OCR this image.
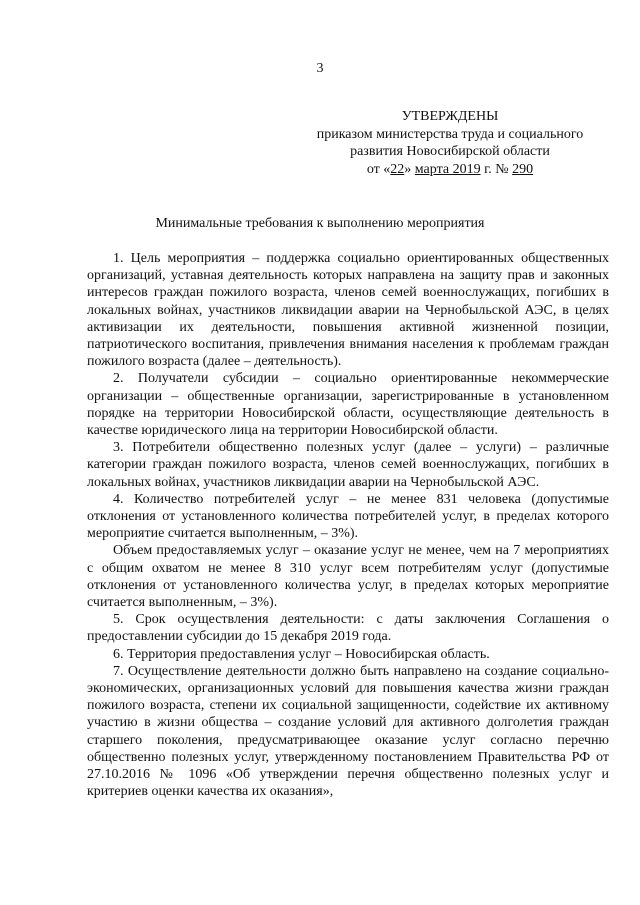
3
УТВЕРЖДЕНЫ
приказом министерства труда и социального
развития Новосибирской области
от «22» марта 2019 г. № 290
Минимальные требования к выполнению мероприятия

1. Цель мероприятия – поддержка социально ориентированных общественных организаций, уставная деятельность которых направлена на защиту прав и законных интересов граждан пожилого возраста, членов семей военнослужащих, погибших в локальных войнах, участников ликвидации аварии на Чернобыльской АЭС, в целях активизации их деятельности, повышения активной жизненной позиции, патриотического воспитания, привлечения внимания населения к проблемам граждан пожилого возраста (далее – деятельность).

2. Получатели субсидии – социально ориентированные некоммерческие организации – общественные организации, зарегистрированные в установленном порядке на территории Новосибирской области, осуществляющие деятельность в качестве юридического лица на территории Новосибирской области.

3. Потребители общественно полезных услуг (далее – услуги) – различные категории граждан пожилого возраста, членов семей военнослужащих, погибших в локальных войнах, участников ликвидации аварии на Чернобыльской АЭС.

4. Количество потребителей услуг – не менее 831 человека (допустимые отклонения от установленного количества потребителей услуг, в пределах которого мероприятие считается выполненным, – 3%).

Объем предоставляемых услуг – оказание услуг не менее, чем на 7 мероприятиях с общим охватом не менее 8 310 услуг всем потребителям услуг (допустимые отклонения от установленного количества услуг, в пределах которых мероприятие считается выполненным, – 3%).

5. Срок осуществления деятельности: с даты заключения Соглашения о предоставлении субсидии до 15 декабря 2019 года.

6. Территория предоставления услуг – Новосибирская область.

7. Осуществление деятельности должно быть направлено на создание социально-экономических, организационных условий для повышения качества жизни граждан пожилого возраста, степени их социальной защищенности, содействие их активному участию в жизни общества – создание условий для активного долголетия граждан старшего поколения, предусматривающее оказание услуг согласно перечню общественно полезных услуг, утвержденному постановлением Правительства РФ от 27.10.2016 № 1096 «Об утверждении перечня общественно полезных услуг и критериев оценки качества их оказания»,
